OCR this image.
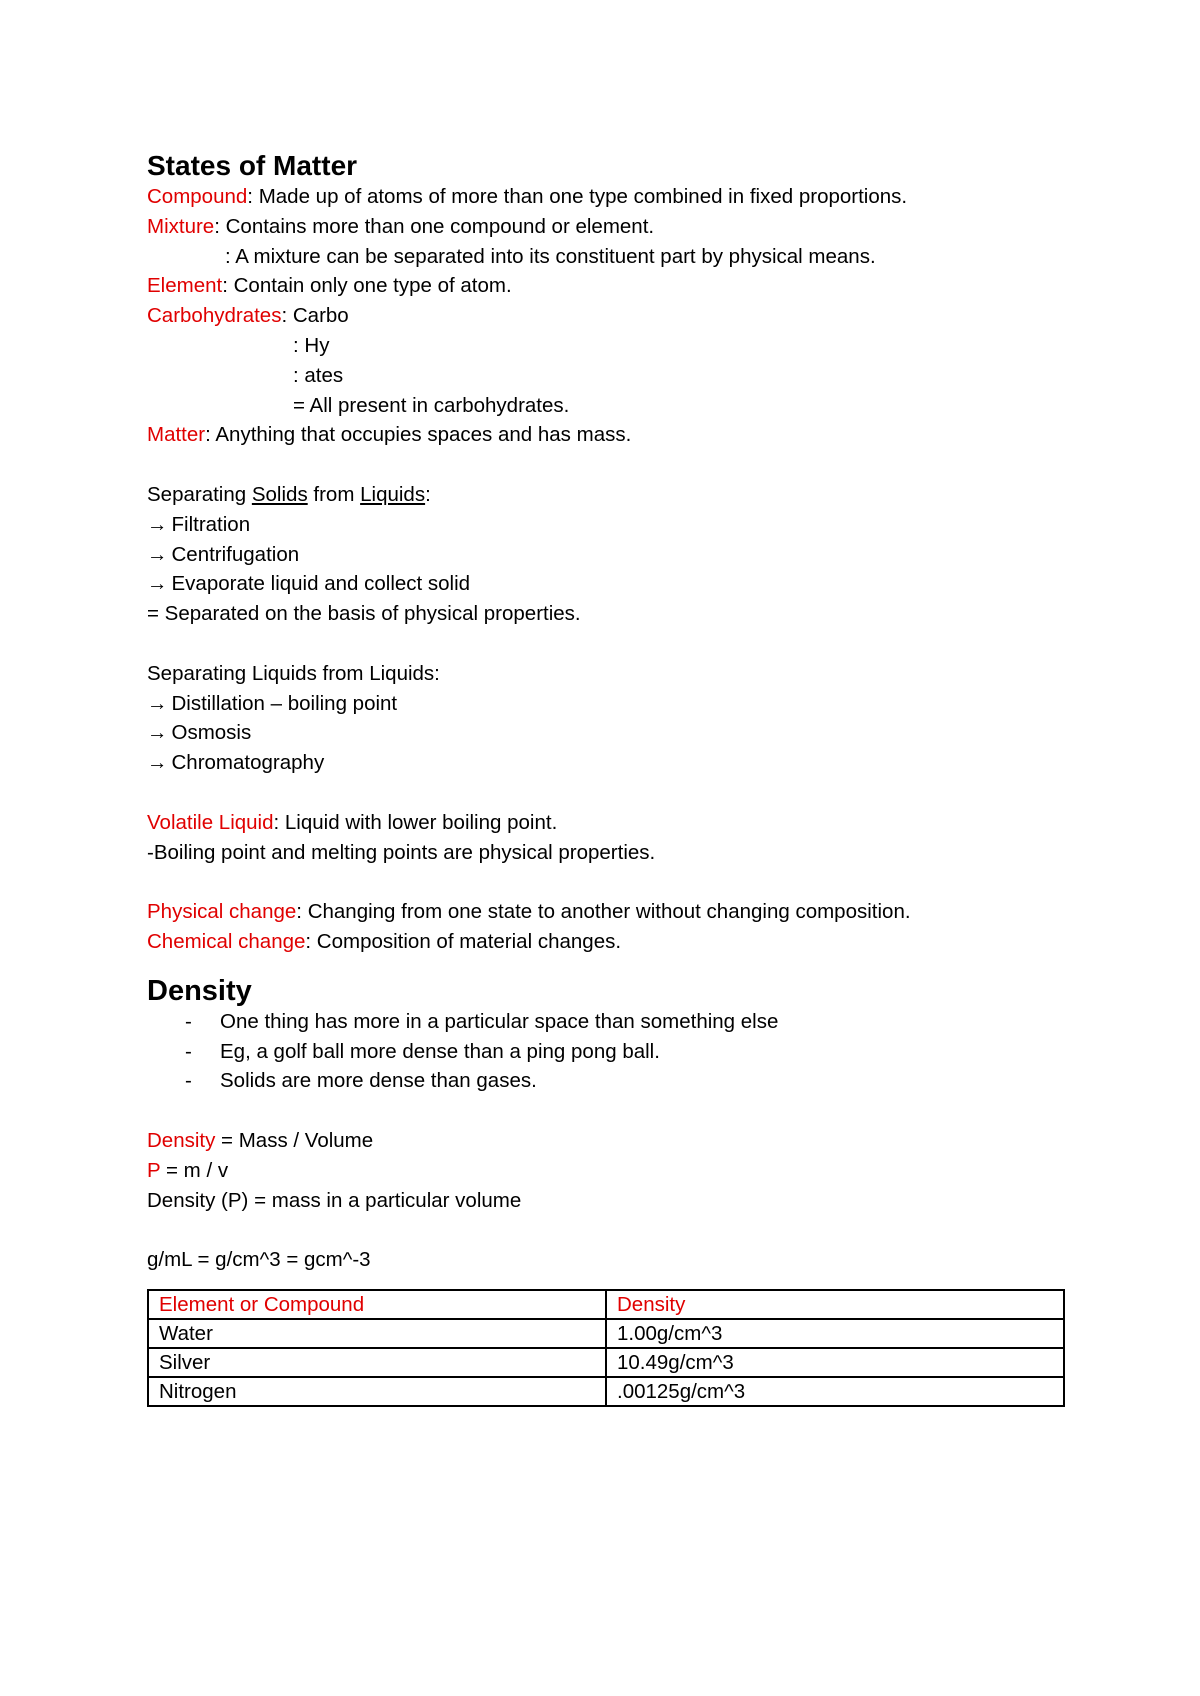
States of Matter
Compound: Made up of atoms of more than one type combined in fixed proportions.
Mixture: Contains more than one compound or element.
: A mixture can be separated into its constituent part by physical means.
Element: Contain only one type of atom.
Carbohydrates: Carbo
: Hy
: ates
= All present in carbohydrates.
Matter: Anything that occupies spaces and has mass.
Separating Solids from Liquids:
→ Filtration
→ Centrifugation
→ Evaporate liquid and collect solid
= Separated on the basis of physical properties.
Separating Liquids from Liquids:
→ Distillation – boiling point
→ Osmosis
→ Chromatography
Volatile Liquid: Liquid with lower boiling point.
-Boiling point and melting points are physical properties.
Physical change: Changing from one state to another without changing composition.
Chemical change: Composition of material changes.
Density
- One thing has more in a particular space than something else
- Eg, a golf ball more dense than a ping pong ball.
- Solids are more dense than gases.
Density = Mass / Volume
P = m / v
Density (P) = mass in a particular volume
g/mL = g/cm^3 = gcm^-3
Element or Compound	Density
Water	1.00g/cm^3
Silver	10.49g/cm^3
Nitrogen	.00125g/cm^3
